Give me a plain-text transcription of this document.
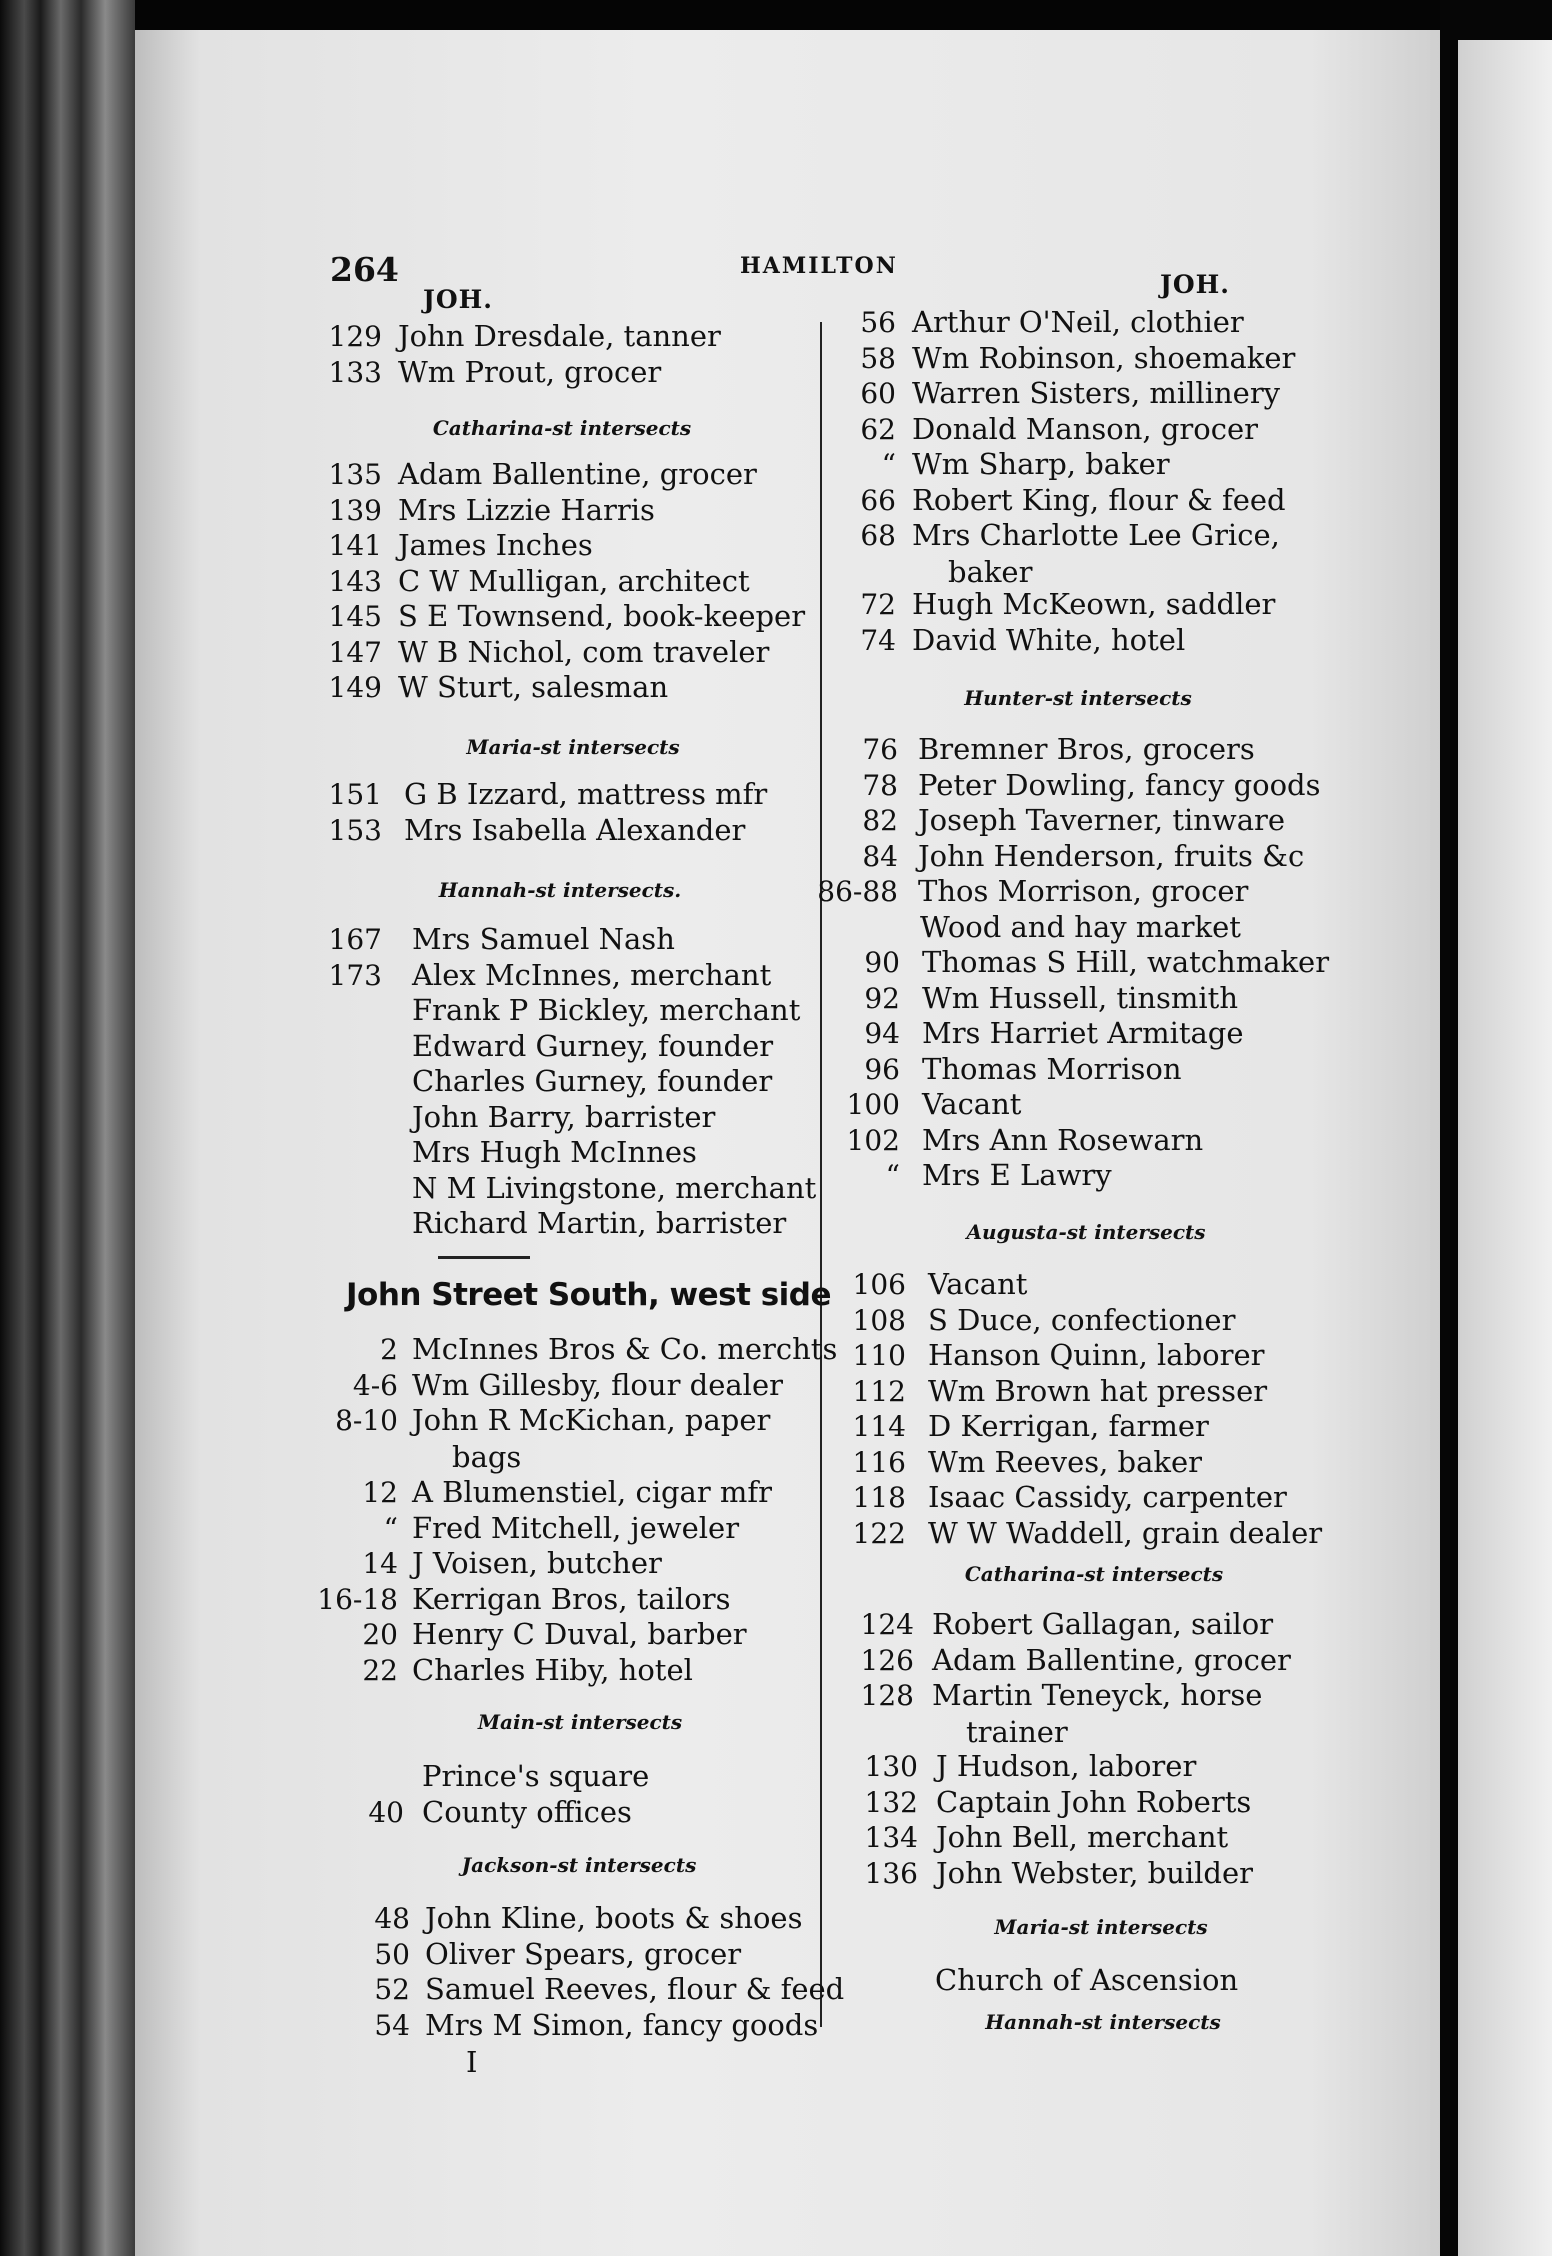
264	HAMILTON
JOH.
JOH.
129 John Dresdale, tanner
133 Wm Prout, grocer
Catharina-st intersects
135 Adam Ballentine, grocer
139 Mrs Lizzie Harris
141 James Inches
143 C W Mulligan, architect
145 S E Townsend, book-keeper
147 W B Nichol, com traveler
149 W Sturt, salesman
Maria-st intersects
151 G B Izzard, mattress mfr
153 Mrs Isabella Alexander
Hannah-st intersects.
167 Mrs Samuel Nash
173 Alex McInnes, merchant
Frank P Bickley, merchant
Edward Gurney, founder
Charles Gurney, founder
John Barry, barrister
Mrs Hugh McInnes
N M Livingstone, merchant
Richard Martin, barrister
John Street South, west side
2 McInnes Bros & Co. merchts
4-6 Wm Gillesby, flour dealer
8-10 John R McKichan, paper
bags
12 A Blumenstiel, cigar mfr
“ Fred Mitchell, jeweler
14 J Voisen, butcher
16-18 Kerrigan Bros, tailors
20 Henry C Duval, barber
22 Charles Hiby, hotel
Main-st intersects
Prince's square
40 County offices
Jackson-st intersects
48 John Kline, boots & shoes
50 Oliver Spears, grocer
52 Samuel Reeves, flour & feed
54 Mrs M Simon, fancy goods
I
56 Arthur O'Neil, clothier
58 Wm Robinson, shoemaker
60 Warren Sisters, millinery
62 Donald Manson, grocer
“ Wm Sharp, baker
66 Robert King, flour & feed
68 Mrs Charlotte Lee Grice,
baker
72 Hugh McKeown, saddler
74 David White, hotel
Hunter-st intersects
76 Bremner Bros, grocers
78 Peter Dowling, fancy goods
82 Joseph Taverner, tinware
84 John Henderson, fruits &c
86-88 Thos Morrison, grocer
Wood and hay market
90 Thomas S Hill, watchmaker
92 Wm Hussell, tinsmith
94 Mrs Harriet Armitage
96 Thomas Morrison
100 Vacant
102 Mrs Ann Rosewarn
“ Mrs E Lawry
Augusta-st intersects
106 Vacant
108 S Duce, confectioner
110 Hanson Quinn, laborer
112 Wm Brown hat presser
114 D Kerrigan, farmer
116 Wm Reeves, baker
118 Isaac Cassidy, carpenter
122 W W Waddell, grain dealer
Catharina-st intersects
124 Robert Gallagan, sailor
126 Adam Ballentine, grocer
128 Martin Teneyck, horse
trainer
130 J Hudson, laborer
132 Captain John Roberts
134 John Bell, merchant
136 John Webster, builder
Maria-st intersects
Church of Ascension
Hannah-st intersects
